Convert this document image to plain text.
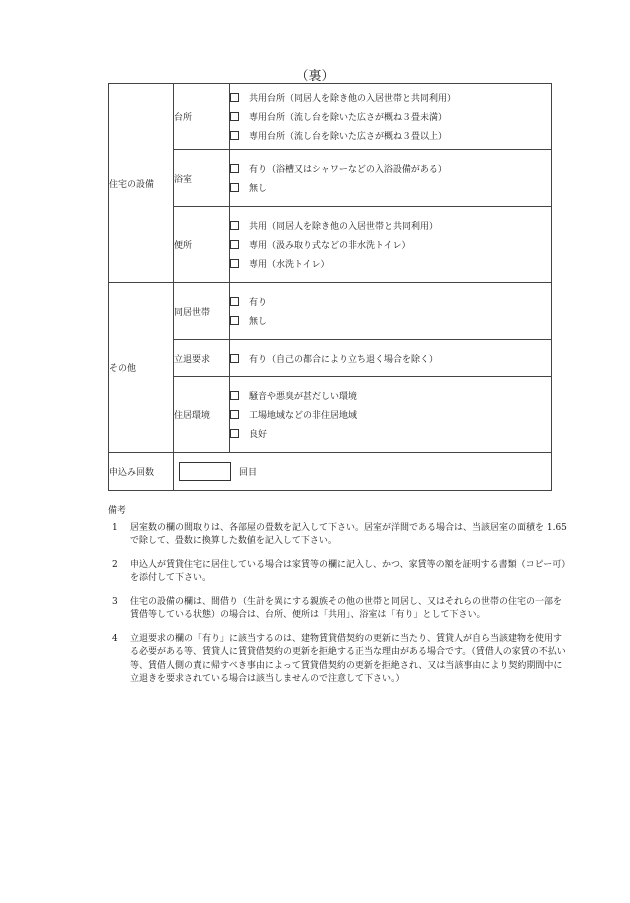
（裏）
住宅の設備	台所	共用台所（同居人を除き他の入居世帯と共同利用）
専用台所（流し台を除いた広さが概ね３畳未満）
専用台所（流し台を除いた広さが概ね３畳以上）

	浴室	有り（浴槽又はシャワーなどの入浴設備がある）
無し

	便所	共用（同居人を除き他の入居世帯と共同利用）
専用（汲み取り式などの非水洗トイレ）
専用（水洗トイレ）

その他	同居世帯	有り
無し

	立退要求	有り（自己の都合により立ち退く場合を除く）

	住居環境	騒音や悪臭が甚だしい環境
工場地域などの非住居地域
良好

申込み回数	回目	
備考
1	居室数の欄の間取りは、各部屋の畳数を記入して下さい。居室が洋間である場合は、当該居室の面積を 1.65 で除して、畳数に換算した数値を記入して下さい。
2	申込人が賃貸住宅に居住している場合は家賃等の欄に記入し、かつ、家賃等の額を証明する書類（コピー可）を添付して下さい。
3	住宅の設備の欄は、間借り（生計を異にする親族その他の世帯と同居し、又はそれらの世帯の住宅の一部を賃借等している状態）の場合は、台所、便所は「共用」、浴室は「有り」として下さい。
4	立退要求の欄の「有り」に該当するのは、建物賃貸借契約の更新に当たり、賃貸人が自ら当該建物を使用する必要がある等、賃貸人に賃貸借契約の更新を拒絶する正当な理由がある場合です。（賃借人の家賃の不払い等、賃借人側の責に帰すべき事由によって賃貸借契約の更新を拒絶され、又は当該事由により契約期間中に立退きを要求されている場合は該当しませんので注意して下さい。）
